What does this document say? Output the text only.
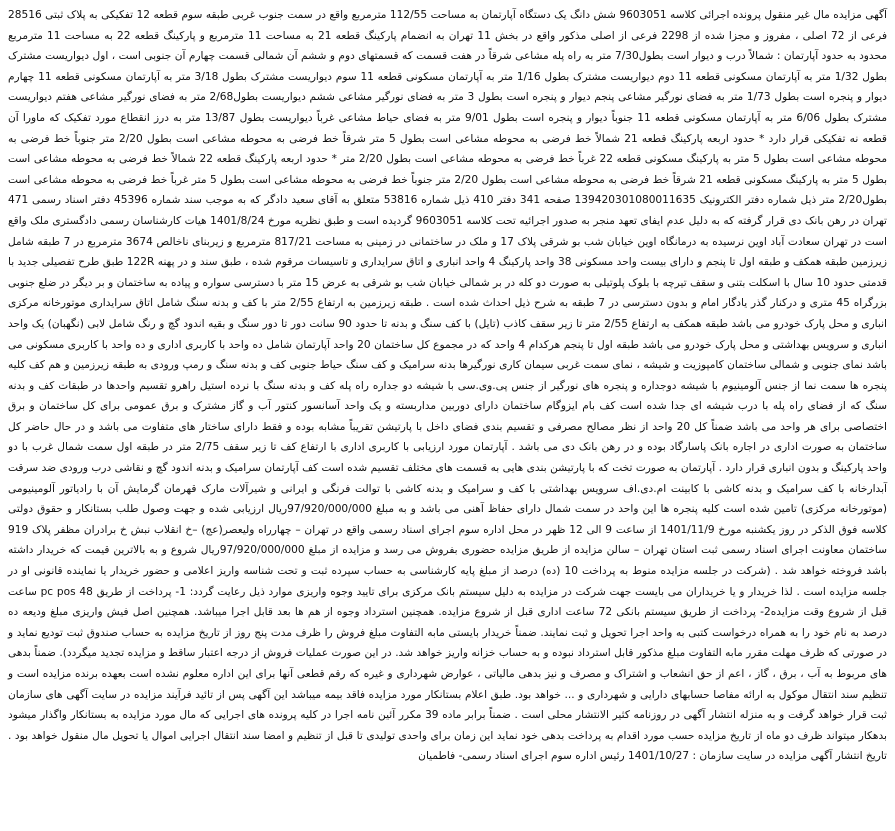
آگهی مزایده مال غیر منقول پرونده اجرائی کلاسه 9603051 شش دانگ یک دستگاه آپارتمان به مساحت 112/55 مترمربع واقع در سمت جنوب غربی طبقه سوم قطعه 12 تفکیکی به پلاک ثبتی 28516 فرعی از 72 اصلی ، مفروز و مجزا شده از 2298 فرعی از اصلی مذکور واقع در بخش 11 تهران به انضمام پارکینگ قطعه 21 به مساحت 11 مترمربع و پارکینگ قطعه 22 به مساحت 11 مترمربع محدود به حدود آپارتمان : شمالاً درب و دیوار است بطول7/30 متر به راه پله مشاعی شرقاً در هفت قسمت که قسمتهای دوم و ششم آن شمالی قسمت چهارم آن جنوبی است ، اول دیواریست مشترک بطول 1/32 متر به آپارتمان مسکونی قطعه 11 دوم دیواریست مشترک بطول 1/16 متر به آپارتمان مسکونی قطعه 11 سوم دیواریست مشترک بطول 3/18 متر به آپارتمان مسکونی قطعه 11 چهارم دیوار و پنجره است بطول 1/73 متر به فضای نورگیر مشاعی پنجم دیوار و پنجره است بطول 3 متر به فضای نورگیر مشاعی ششم دیواریست بطول2/68 متر به فضای نورگیر مشاعی هفتم دیواریست مشترک بطول 6/06 متر به آپارتمان مسکونی قطعه 11 جنوباً دیوار و پنجره است بطول 9/01 متر به فضای حیاط مشاعی غرباً دیواریست بطول 13/87 متر به درز انقطاع مورد تفکیک که ماورا آن قطعه نه تفکیکی قرار دارد * حدود اربعه پارکینگ قطعه 21 شمالاً خط فرضی به محوطه مشاعی است بطول 5 متر شرقاً خط فرضی به محوطه مشاعی است بطول 2/20 متر جنوباً خط فرضی به محوطه مشاعی است بطول 5 متر به پارکینگ مسکونی قطعه 22 غرباً خط فرضی به محوطه مشاعی است بطول 2/20 متر * حدود اربعه پارکینگ قطعه 22 شمالاً خط فرضی به محوطه مشاعی است بطول 5 متر به پارکینگ مسکونی قطعه 21 شرقاً خط فرضی به محوطه مشاعی است بطول 2/20 متر جنوباً خط فرضی به محوطه مشاعی است بطول 5 متر غرباً خط فرضی به محوطه مشاعی است بطول2/20 متر ذیل شماره دفتر الکترونیک 139420301080011635 صفحه 341 دفتر 410 ذیل شماره 53816 متعلق به آقای سعید دادگر که به موجب سند شماره 45396 دفتر اسناد رسمی 471 تهران در رهن بانک دی قرار گرفته که به دلیل عدم ایفای تعهد منجر به صدور اجرائیه تحت کلاسه 9603051 گردیده است و طبق نظریه مورخ 1401/8/24 هیات کارشناسان رسمی دادگستری ملک واقع است در تهران سعادت آباد اوین نرسیده به درمانگاه اوین خیابان شب بو شرقی پلاک 17 و ملک در ساختمانی در زمینی به مساحت 817/21 مترمربع و زیربنای ناخالص 3674 مترمربع در 7 طبقه شامل زیرزمین طبقه همکف و طبقه اول تا پنجم و دارای بیست واحد مسکونی 38 واحد پارکینگ 4 واحد انباری و اتاق سرایداری و تاسیسات مرقوم شده ، طبق سند و در پهنه 122R طبق طرح تفصیلی جدید با قدمتی حدود 10 سال با اسکلت بتنی و سقف تیرچه با بلوک پلوتیلی به صورت دو کله در بر شمالی خیابان شب بو شرقی به عرض 15 متر با دسترسی سواره و پیاده به ساختمان و بر دیگر در ضلع جنوبی بزرگراه 45 متری و درکنار گذر یادگار امام و بدون دسترسی در 7 طبقه به شرح ذیل احداث شده است . طبقه زیرزمین به ارتفاع 2/55 متر با کف و بدنه سنگ شامل اتاق سرایداری موتورخانه مرکزی انباری و محل پارک خودرو می باشد طبقه همکف به ارتفاع 2/55 متر تا زیر سقف کاذب (تایل) با کف سنگ و بدنه تا حدود 90 سانت دور تا دور سنگ و بقیه اندود گچ و رنگ شامل لابی (نگهبان) یک واحد انباری و سرویس بهداشتی و محل پارک خودرو می باشد طبقه اول تا پنجم هرکدام 4 واحد که در مجموع کل ساختمان 20 واحد آپارتمان شامل ده واحد با کاربری اداری و ده واحد با کاربری مسکونی می باشد نمای جنوبی و شمالی ساختمان کامپوزیت و شیشه ، نمای سمت غربی سیمان کاری نورگیرها بدنه سرامیک و کف سنگ حیاط جنوبی کف و بدنه سنگ و رمپ ورودی به طبقه زیرزمین و هم کف کلیه پنجره ها سمت نما از جنس آلومینیوم با شیشه دوجداره و پنجره های نورگیر از جنس پی.وی.سی با شیشه دو جداره راه پله کف و بدنه سنگ با نرده استیل راهرو تقسیم واحدها در طبقات کف و بدنه سنگ که از فضای راه پله با درب شیشه ای جدا شده است کف بام ایزوگام ساختمان دارای دوربین مداربسته و یک واحد آسانسور کنتور آب و گاز مشترک و برق عمومی برای کل ساختمان و برق اختصاصی برای هر واحد می باشد ضمناً کل 20 واحد از نظر مصالح مصرفی و تقسیم بندی فضای داخل با پارتیشن تقریباً مشابه بوده و فقط دارای ساختار های متفاوت می باشد و در حال حاضر کل ساختمان به صورت اداری در اجاره بانک پاسارگاد بوده و در رهن بانک دی می باشد . آپارتمان مورد ارزیابی با کاربری اداری با ارتفاع کف تا زیر سقف 2/75 متر در طبقه اول سمت شمال غرب با دو واحد پارکینگ و بدون انباری قرار دارد . آپارتمان به صورت تخت که با پارتیشن بندی هایی به قسمت های مختلف تقسیم شده است کف آپارتمان سرامیک و بدنه اندود گچ و نقاشی درب ورودی ضد سرقت آبدارخانه با کف سرامیک و بدنه کاشی با کابینت ام.دی.اف سرویس بهداشتی با کف و سرامیک و بدنه کاشی با توالت فرنگی و ایرانی و شیرآلات مارک قهرمان گرمایش آن با رادیاتور آلومینیومی (موتورخانه مرکزی) تامین شده است کلیه پنجره ها این واحد در سمت شمال دارای حفاظ آهنی می باشد و به مبلغ 97/920/000/000ریال ارزیابی شده و جهت وصول طلب بستانکار و حقوق دولتی کلاسه فوق الذکر در روز یکشنبه مورخ 1401/11/9 از ساعت 9 الی 12 ظهر در محل اداره سوم اجرای اسناد رسمی واقع در تهران – چهارراه ولیعصر(عج) –خ انقلاب نبش خ برادران مظفر پلاک 919 ساختمان معاونت اجرای اسناد رسمی ثبت استان تهران – سالن مزایده از طریق مزایده حضوری بفروش می رسد و مزایده از مبلغ 97/920/000/000ریال شروع و به بالاترین قیمت که خریدار داشته باشد فروخته خواهد شد . (شرکت در جلسه مزایده منوط به پرداخت 10 (ده) درصد از مبلغ پایه کارشناسی به حساب سپرده ثبت و تحت شناسه واریز اعلامی و حضور خریدار یا نماینده قانونی او در جلسه مزایده است . لذا خریدار و یا خریداران می بایست جهت شرکت در مزایده به دلیل سیستم بانک مرکزی برای تایید وجوه واریزی موارد ذیل رعایت گردد: 1- پرداخت از طریق pc pos 48 ساعت قبل از شروع وقت مزایده2- پرداخت از طریق سیستم بانکی 72 ساعت اداری قبل از شروع مزایده. همچنین استرداد وجوه از هم ها بعد قابل اجرا میباشد. همچنین اصل فیش واریزی مبلغ ودیعه ده درصد به نام خود را به همراه درخواست کتبی به واحد اجرا تحویل و ثبت نمایند. ضمناً خریدار بایستی مابه التفاوت مبلغ فروش را ظرف مدت پنج روز از تاریخ مزایده به حساب صندوق ثبت تودیع نماید و در صورتی که ظرف مهلت مقرر مابه التفاوت مبلغ مذکور قابل استرداد نبوده و به حساب خزانه واریز خواهد شد. در این صورت عملیات فروش از درجه اعتبار ساقط و مزایده تجدید میگردد). ضمناً بدهی های مربوط به آب ، برق ، گاز ، اعم از حق انشعاب و اشتراک و مصرف و نیز بدهی مالیاتی ، عوارض شهرداری و غیره که رقم قطعی آنها برای این اداره معلوم نشده است بعهده برنده مزایده است و تنظیم سند انتقال موکول به ارائه مفاصا حسابهای دارایی و شهرداری و ... خواهد بود. طبق اعلام بستانکار مورد مزایده فاقد بیمه میباشد این آگهی پس از تائید فرآیند مزایده در سایت آگهی های سازمان ثبت قرار خواهد گرفت و به منزله انتشار آگهی در روزنامه کثیر الانتشار محلی است . ضمناً برابر ماده 39 مکرر آئین نامه اجرا در کلیه پرونده های اجرایی که مال مورد مزایده به بستانکار واگذار میشود بدهکار میتواند ظرف دو ماه از تاریخ مزایده حسب مورد اقدام به پرداخت بدهی خود نماید این زمان برای واحدی تولیدی تا قبل از تنظیم و امضا سند انتقال اجرایی اموال یا تحویل مال منقول خواهد بود . تاریخ انتشار آگهی مزایده در سایت سازمان : 1401/10/27 رئیس اداره سوم اجرای اسناد رسمی- فاطمیان
